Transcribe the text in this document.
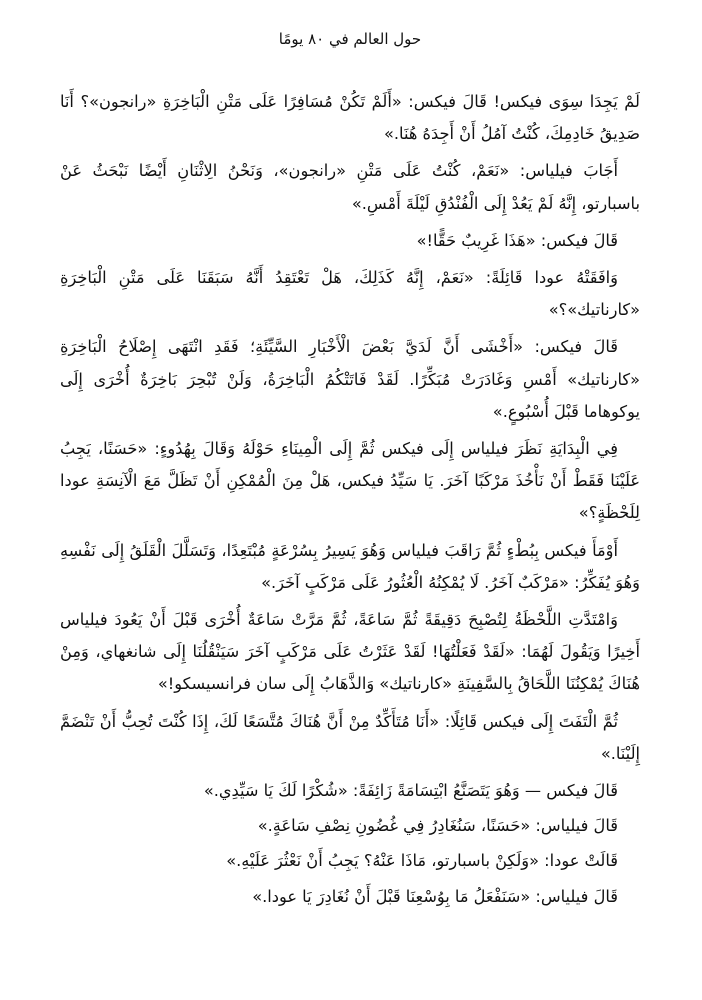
حول العالم في ٨٠ يومًا

لَمْ يَجِدَا سِوَى فيكس! قَالَ فيكس: «أَلَمْ تَكُنْ مُسَافِرًا عَلَى مَتْنِ الْبَاخِرَةِ «رانجون»؟ أَنَا صَدِيقُ خَادِمِكَ، كُنْتُ آمُلُ أَنْ أَجِدَهُ هُنَا.»

أَجَابَ فيلياس: «نَعَمْ، كُنْتُ عَلَى مَتْنِ «رانجون»، وَنَحْنُ الِاثْنَانِ أَيْضًا نَبْحَثُ عَنْ باسبارتو، إِنَّهُ لَمْ يَعُدْ إِلَى الْفُنْدُقِ لَيْلَةَ أَمْسِ.»

قَالَ فيكس: «هَذَا غَرِيبٌ حَقًّا!»

وَافَقَتْهُ عودا قَائِلَةً: «نَعَمْ، إِنَّهُ كَذَلِكَ، هَلْ تَعْتَقِدُ أَنَّهُ سَبَقَنَا عَلَى مَتْنِ الْبَاخِرَةِ «كارناتيك»؟»

قَالَ فيكس: «أَخْشَى أَنَّ لَدَيَّ بَعْضَ الْأَخْبَارِ السَّيِّئَةِ؛ فَقَدِ انْتَهَى إِصْلَاحُ الْبَاخِرَةِ «كارناتيك» أَمْسِ وَغَادَرَتْ مُبَكِّرًا. لَقَدْ فَاتَتْكُمُ الْبَاخِرَةُ، وَلَنْ تُبْحِرَ بَاخِرَةٌ أُخْرَى إِلَى يوكوهاما قَبْلَ أُسْبُوعٍ.»

فِي الْبِدَايَةِ نَظَرَ فيلياس إِلَى فيكس ثُمَّ إِلَى الْمِينَاءِ حَوْلَهُ وَقَالَ بِهُدُوءٍ: «حَسَنًا، يَجِبُ عَلَيْنَا فَقَطْ أَنْ نَأْخُذَ مَرْكَبًا آخَرَ. يَا سَيِّدُ فيكس، هَلْ مِنَ الْمُمْكِنِ أَنْ تَظَلَّ مَعَ الْآنِسَةِ عودا لِلَحْظَةٍ؟»

أَوْمَأَ فيكس بِبُطْءٍ ثُمَّ رَاقَبَ فيلياس وَهُوَ يَسِيرُ بِسُرْعَةٍ مُبْتَعِدًا، وَتَسَلَّلَ الْقَلَقُ إِلَى نَفْسِهِ وَهُوَ يُفَكِّرُ: «مَرْكَبٌ آخَرُ. لَا يُمْكِنُهُ الْعُثُورُ عَلَى مَرْكَبٍ آخَرَ.»

وَامْتَدَّتِ اللَّحْظَةُ لِتُصْبِحَ دَقِيقَةً ثُمَّ سَاعَةً، ثُمَّ مَرَّتْ سَاعَةٌ أُخْرَى قَبْلَ أَنْ يَعُودَ فيلياس أَخِيرًا وَيَقُولَ لَهُمَا: «لَقَدْ فَعَلْتُهَا! لَقَدْ عَثَرْتُ عَلَى مَرْكَبٍ آخَرَ سَيَنْقُلُنَا إِلَى شانغهاي، وَمِنْ هُنَاكَ يُمْكِنُنَا اللَّحَاقُ بِالسَّفِينَةِ «كارناتيك» وَالذَّهَابُ إِلَى سان فرانسيسكو!»

ثُمَّ الْتَفَتَ إِلَى فيكس قَائِلًا: «أَنَا مُتَأَكِّدٌ مِنْ أَنَّ هُنَاكَ مُتَّسَعًا لَكَ، إِذَا كُنْتَ تُحِبُّ أَنْ تَنْضَمَّ إِلَيْنَا.»

قَالَ فيكس — وَهُوَ يَتَصَنَّعُ ابْتِسَامَةً زَائِفَةً: «شُكْرًا لَكَ يَا سَيِّدِي.»

قَالَ فيلياس: «حَسَنًا، سَنُغَادِرُ فِي غُضُونِ نِصْفِ سَاعَةٍ.»

قَالَتْ عودا: «وَلَكِنْ باسبارتو، مَاذَا عَنْهُ؟ يَجِبُ أَنْ نَعْثُرَ عَلَيْهِ.»

قَالَ فيلياس: «سَنَفْعَلُ مَا بِوُسْعِنَا قَبْلَ أَنْ نُغَادِرَ يَا عودا.»
